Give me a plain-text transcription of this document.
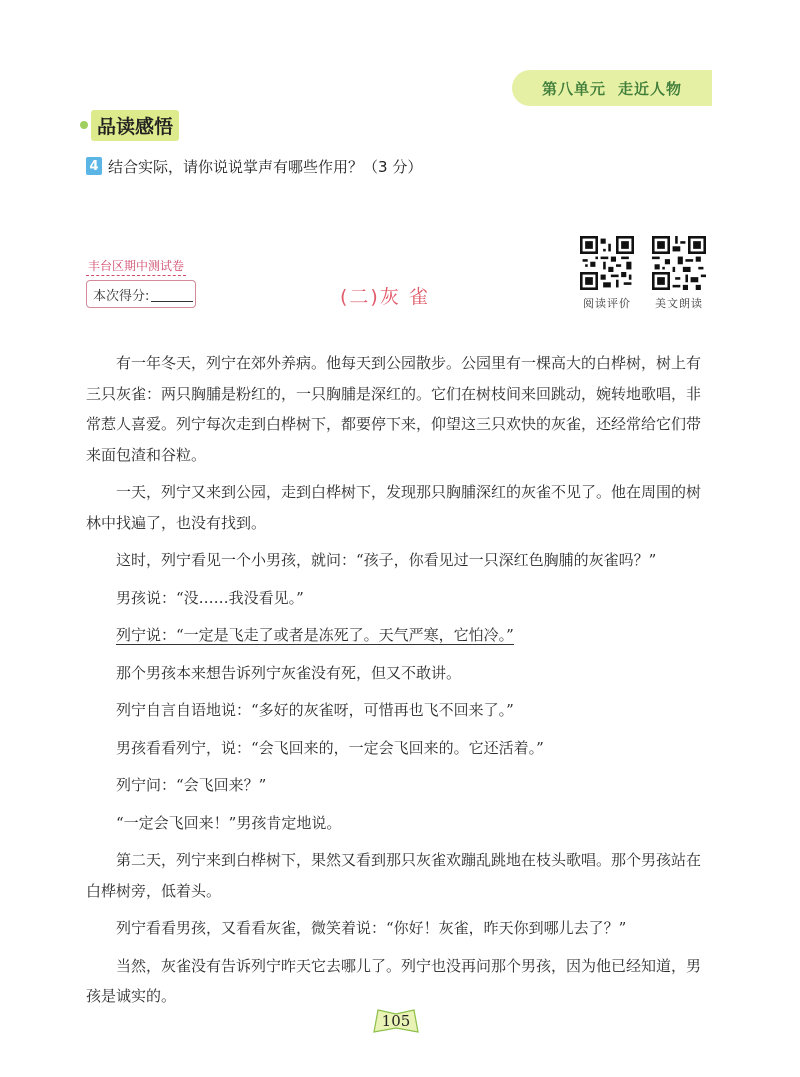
第八单元 走近人物
品读感悟
4 结合实际，请你说说掌声有哪些作用？（3 分）
丰台区期中测试卷
本次得分:	(二)灰 雀	阅读评价 美文朗读

有一年冬天，列宁在郊外养病。他每天到公园散步。公园里有一棵高大的白桦树，树上有三只灰雀：两只胸脯是粉红的，一只胸脯是深红的。它们在树枝间来回跳动，婉转地歌唱，非常惹人喜爱。列宁每次走到白桦树下，都要停下来，仰望这三只欢快的灰雀，还经常给它们带来面包渣和谷粒。

一天，列宁又来到公园，走到白桦树下，发现那只胸脯深红的灰雀不见了。他在周围的树林中找遍了，也没有找到。

这时，列宁看见一个小男孩，就问：“孩子，你看见过一只深红色胸脯的灰雀吗？”

男孩说：“没……我没看见。”

列宁说：“一定是飞走了或者是冻死了。天气严寒，它怕冷。”

那个男孩本来想告诉列宁灰雀没有死，但又不敢讲。

列宁自言自语地说：“多好的灰雀呀，可惜再也飞不回来了。”

男孩看看列宁，说：“会飞回来的，一定会飞回来的。它还活着。”

列宁问：“会飞回来？”

“一定会飞回来！”男孩肯定地说。

第二天，列宁来到白桦树下，果然又看到那只灰雀欢蹦乱跳地在枝头歌唱。那个男孩站在白桦树旁，低着头。

列宁看看男孩，又看看灰雀，微笑着说：“你好！灰雀，昨天你到哪儿去了？”

当然，灰雀没有告诉列宁昨天它去哪儿了。列宁也没再问那个男孩，因为他已经知道，男孩是诚实的。

105
